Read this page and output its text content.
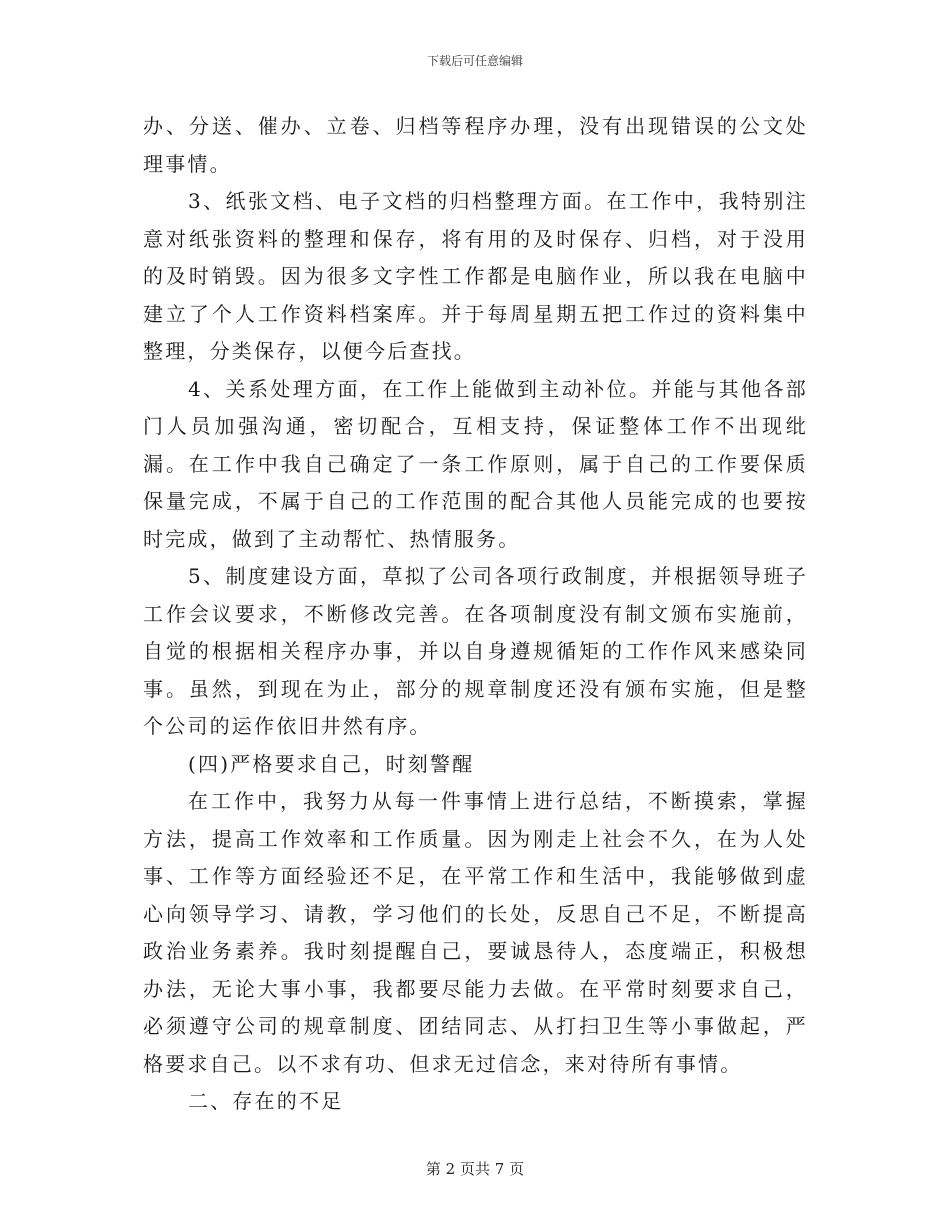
下载后可任意编辑

办、分送、催办、立卷、归档等程序办理，没有出现错误的公文处理事情。

3、纸张文档、电子文档的归档整理方面。在工作中，我特别注意对纸张资料的整理和保存，将有用的及时保存、归档，对于没用的及时销毁。因为很多文字性工作都是电脑作业，所以我在电脑中建立了个人工作资料档案库。并于每周星期五把工作过的资料集中整理，分类保存，以便今后查找。

4、关系处理方面，在工作上能做到主动补位。并能与其他各部门人员加强沟通，密切配合，互相支持，保证整体工作不出现纰漏。在工作中我自己确定了一条工作原则，属于自己的工作要保质保量完成，不属于自己的工作范围的配合其他人员能完成的也要按时完成，做到了主动帮忙、热情服务。

5、制度建设方面，草拟了公司各项行政制度，并根据领导班子工作会议要求，不断修改完善。在各项制度没有制文颁布实施前，自觉的根据相关程序办事，并以自身遵规循矩的工作作风来感染同事。虽然，到现在为止，部分的规章制度还没有颁布实施，但是整个公司的运作依旧井然有序。

(四)严格要求自己，时刻警醒

在工作中，我努力从每一件事情上进行总结，不断摸索，掌握方法，提高工作效率和工作质量。因为刚走上社会不久，在为人处事、工作等方面经验还不足，在平常工作和生活中，我能够做到虚心向领导学习、请教，学习他们的长处，反思自己不足，不断提高政治业务素养。我时刻提醒自己，要诚恳待人，态度端正，积极想办法，无论大事小事，我都要尽能力去做。在平常时刻要求自己，必须遵守公司的规章制度、团结同志、从打扫卫生等小事做起，严格要求自己。以不求有功、但求无过信念，来对待所有事情。

二、存在的不足

第 2 页共 7 页
